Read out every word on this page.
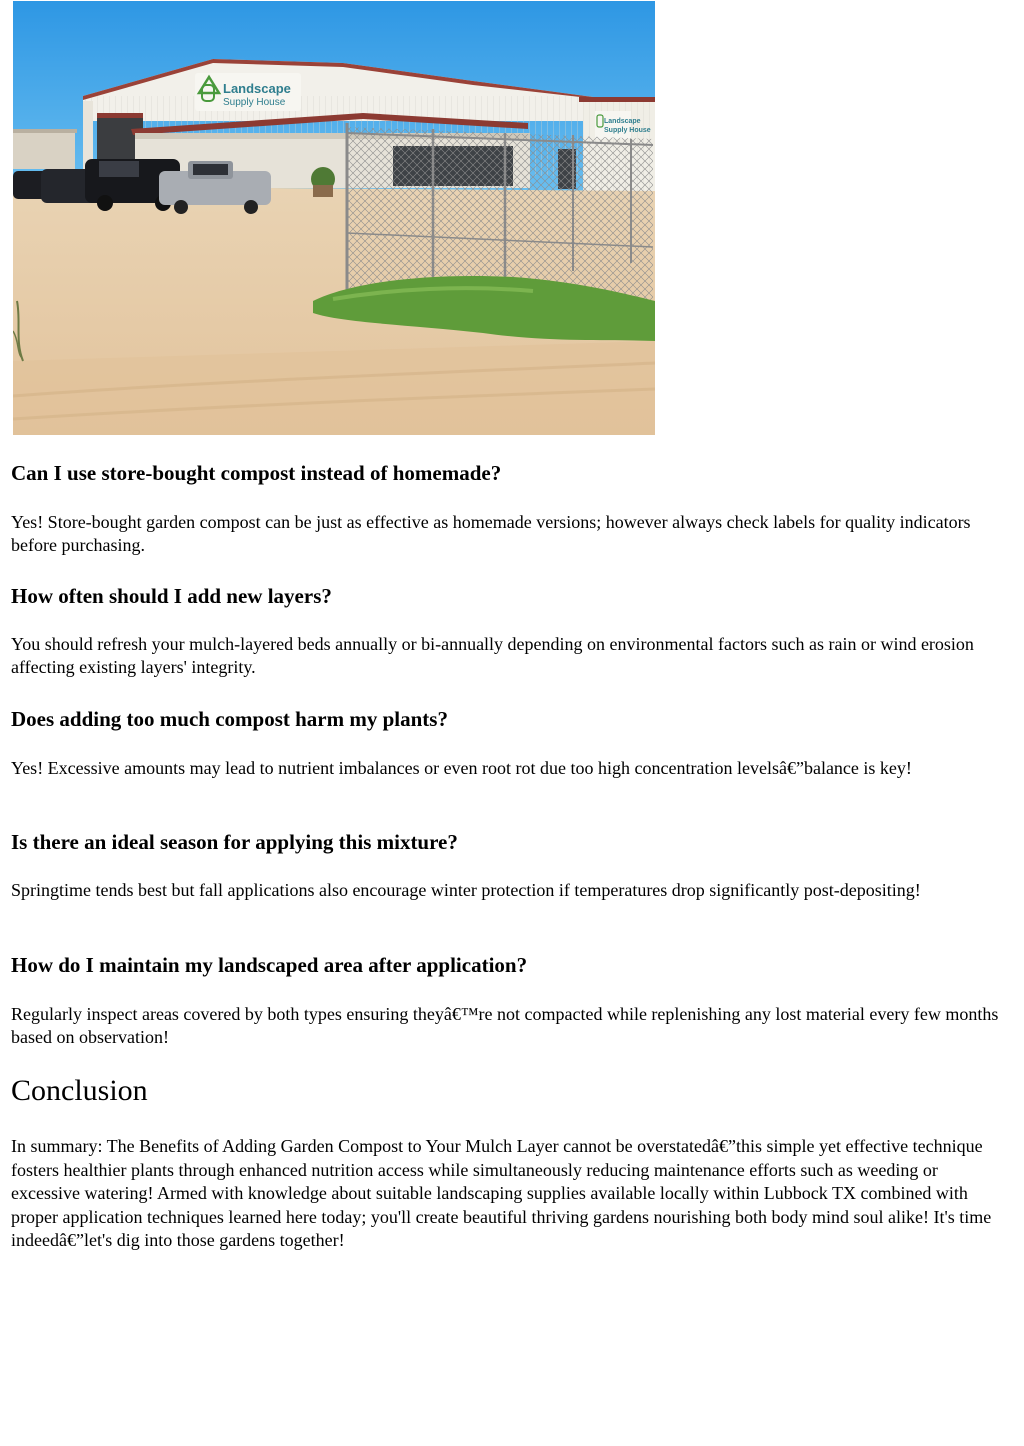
Landscape
Supply House
Landscape
Supply House
Can I use store-bought compost instead of homemade?

Yes! Store-bought garden compost can be just as effective as homemade versions; however always check labels for quality indicators before purchasing.

How often should I add new layers?

You should refresh your mulch-layered beds annually or bi-annually depending on environmental factors such as rain or wind erosion affecting existing layers' integrity.

Does adding too much compost harm my plants?

Yes! Excessive amounts may lead to nutrient imbalances or even root rot due too high concentration levelsâ€”balance is key!

Is there an ideal season for applying this mixture?

Springtime tends best but fall applications also encourage winter protection if temperatures drop significantly post-depositing!

How do I maintain my landscaped area after application?

Regularly inspect areas covered by both types ensuring theyâ€™re not compacted while replenishing any lost material every few months based on observation!

Conclusion

In summary: The Benefits of Adding Garden Compost to Your Mulch Layer cannot be overstatedâ€”this simple yet effective technique fosters healthier plants through enhanced nutrition access while simultaneously reducing maintenance efforts such as weeding or excessive watering! Armed with knowledge about suitable landscaping supplies available locally within Lubbock TX combined with proper application techniques learned here today; you'll create beautiful thriving gardens nourishing both body mind soul alike! It's time indeedâ€”let's dig into those gardens together!
